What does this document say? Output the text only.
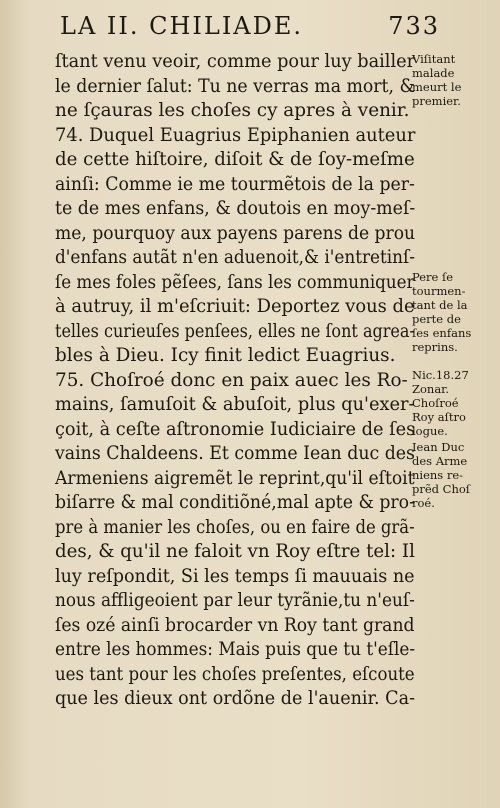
LA II. CHILIADE.	733
ſtant venu veoir, comme pour luy bailler
le dernier ſalut: Tu ne verras ma mort, &
ne ſçauras les choſes cy apres à venir.
74. Duquel Euagrius Epiphanien auteur
de cette hiſtoire, diſoit & de ſoy-meſme
ainſi: Comme ie me tourmẽtois de la per-
te de mes enfans, & doutois en moy-meſ-
me, pourquoy aux payens parens de prou
d'enfans autãt n'en aduenoit,& i'entretinſ-
ſe mes foles pẽſees, ſans les communiquer
à autruy, il m'eſcriuit: Deportez vous de
telles curieuſes penſees, elles ne ſont agrea-
bles à Dieu. Icy finit ledict Euagrius.
75. Choſroé donc en paix auec les Ro-
mains, ſamuſoit & abuſoit, plus qu'exer-
çoit, à ceſte aſtronomie Iudiciaire de ſes
vains Chaldeens. Et comme Iean duc des
Armeniens aigremẽt le reprint,qu'il eſtoit
biſarre & mal conditiõné,mal apte & pro-
pre à manier les choſes, ou en faire de grã-
des, & qu'il ne faloit vn Roy eſtre tel: Il
luy reſpondit, Si les temps ſi mauuais ne
nous affligeoient par leur tyrãnie,tu n'euſ-
ſes ozé ainſi brocarder vn Roy tant grand
entre les hommes: Mais puis que tu t'eſle-
ues tant pour les choſes preſentes, eſcoute
que les dieux ont ordõne de l'auenir. Ca-
Viſitant
malade
meurt le
premier.
Pere ſe
tourmen-
tant de la
perte de
ſes enfans
reprins.
Nic.18.27
Zonar.
Choſroé
Roy aſtro
logue.
Iean Duc
des Arme
niens re-
prẽd Choſ
roé.
